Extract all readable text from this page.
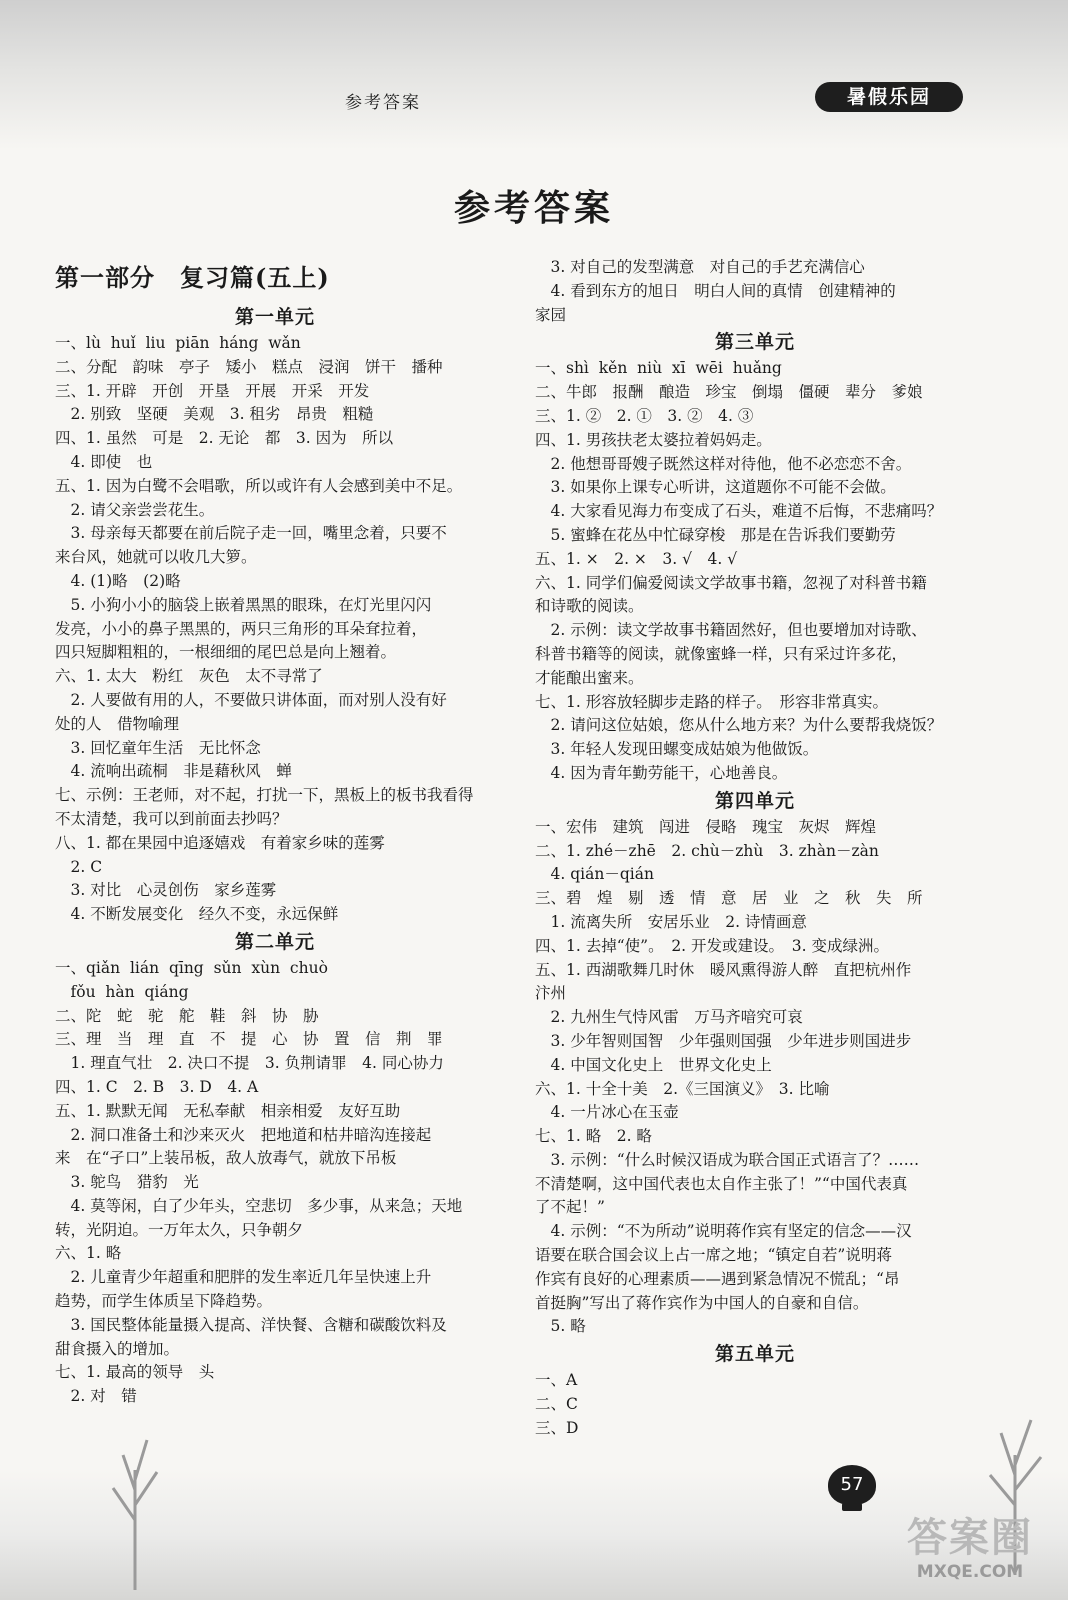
参考答案	暑假乐园
参考答案
第一部分　复习篇(五上)
第一单元
一、lù  huǐ  liu  piān  háng  wǎn
二、分配　韵味　亭子　矮小　糕点　浸润　饼干　播种
三、1. 开辟　开创　开垦　开展　开采　开发
　2. 别致　坚硬　美观　3. 租劣　昂贵　粗糙
四、1. 虽然　可是　2. 无论　都　3. 因为　所以
　4. 即使　也
五、1. 因为白鹭不会唱歌，所以或许有人会感到美中不足。
　2. 请父亲尝尝花生。
　3. 母亲每天都要在前后院子走一回，嘴里念着，只要不
来台风，她就可以收几大箩。
　4. (1)略　(2)略
　5. 小狗小小的脑袋上嵌着黑黑的眼珠，在灯光里闪闪
发亮，小小的鼻子黑黑的，两只三角形的耳朵耷拉着，
四只短脚粗粗的，一根细细的尾巴总是向上翘着。
六、1. 太大　粉红　灰色　太不寻常了
　2. 人要做有用的人，不要做只讲体面，而对别人没有好
处的人　借物喻理
　3. 回忆童年生活　无比怀念
　4. 流响出疏桐　非是藉秋风　蝉
七、示例：王老师，对不起，打扰一下，黑板上的板书我看得
不太清楚，我可以到前面去抄吗？
八、1. 都在果园中追逐嬉戏　有着家乡味的莲雾
　2. C
　3. 对比　心灵创伤　家乡莲雾
　4. 不断发展变化　经久不变，永远保鲜
第二单元
一、qiǎn  lián  qīng  sǔn  xùn  chuò
　fǒu  hàn  qiáng
二、陀　蛇　驼　舵　鞋　斜　协　胁
三、理　当　理　直　不　提　心　协　置　信　荆　罪
　1. 理直气壮　2. 决口不提　3. 负荆请罪　4. 同心协力
四、1. C　2. B　3. D　4. A
五、1. 默默无闻　无私奉献　相亲相爱　友好互助
　2. 洞口准备土和沙来灭火　把地道和枯井暗沟连接起
来　在“孑口”上装吊板，敌人放毒气，就放下吊板
　3. 鸵鸟　猎豹　光
　4. 莫等闲，白了少年头，空悲切　多少事，从来急；天地
转，光阴迫。一万年太久，只争朝夕
六、1. 略
　2. 儿童青少年超重和肥胖的发生率近几年呈快速上升
趋势，而学生体质呈下降趋势。
　3. 国民整体能量摄入提高、洋快餐、含糖和碳酸饮料及
甜食摄入的增加。
七、1. 最高的领导　头
　2. 对　错
　3. 对自己的发型满意　对自己的手艺充满信心
　4. 看到东方的旭日　明白人间的真情　创建精神的
家园
第三单元
一、shì  kěn  niù  xī  wēi  huǎng
二、牛郎　报酬　酿造　珍宝　倒塌　僵硬　辈分　爹娘
三、1. ②　2. ①　3. ②　4. ③
四、1. 男孩扶老太婆拉着妈妈走。
　2. 他想哥哥嫂子既然这样对待他，他不必恋恋不舍。
　3. 如果你上课专心听讲，这道题你不可能不会做。
　4. 大家看见海力布变成了石头，难道不后悔，不悲痛吗？
　5. 蜜蜂在花丛中忙碌穿梭　那是在告诉我们要勤劳
五、1. ×　2. ×　3. √　4. √
六、1. 同学们偏爱阅读文学故事书籍，忽视了对科普书籍
和诗歌的阅读。
　2. 示例：读文学故事书籍固然好，但也要增加对诗歌、
科普书籍等的阅读，就像蜜蜂一样，只有采过许多花，
才能酿出蜜来。
七、1. 形容放轻脚步走路的样子。　形容非常真实。
　2. 请问这位姑娘，您从什么地方来？为什么要帮我烧饭？
　3. 年轻人发现田螺变成姑娘为他做饭。
　4. 因为青年勤劳能干，心地善良。
第四单元
一、宏伟　建筑　闯进　侵略　瑰宝　灰烬　辉煌
二、1. zhé－zhē　2. chù－zhù　3. zhàn－zàn
　4. qián－qián
三、碧　煌　剔　透　情　意　居　业　之　秋　失　所
　1. 流离失所　安居乐业　2. 诗情画意
四、1. 去掉“使”。　2. 开发或建设。　3. 变成绿洲。
五、1. 西湖歌舞几时休　暖风熏得游人醉　直把杭州作
汴州
　2. 九州生气恃风雷　万马齐喑究可哀
　3. 少年智则国智　少年强则国强　少年进步则国进步
　4. 中国文化史上　世界文化史上
六、1. 十全十美　2.《三国演义》　3. 比喻
　4. 一片冰心在玉壶
七、1. 略　2. 略
　3. 示例：“什么时候汉语成为联合国正式语言了？……
不清楚啊，这中国代表也太自作主张了！”“中国代表真
了不起！”
　4. 示例：“不为所动”说明蒋作宾有坚定的信念——汉
语要在联合国会议上占一席之地；“镇定自若”说明蒋
作宾有良好的心理素质——遇到紧急情况不慌乱；“昂
首挺胸”写出了蒋作宾作为中国人的自豪和自信。
　5. 略
第五单元
一、A
二、C
三、D
57
答案圈
MXQE.COM
